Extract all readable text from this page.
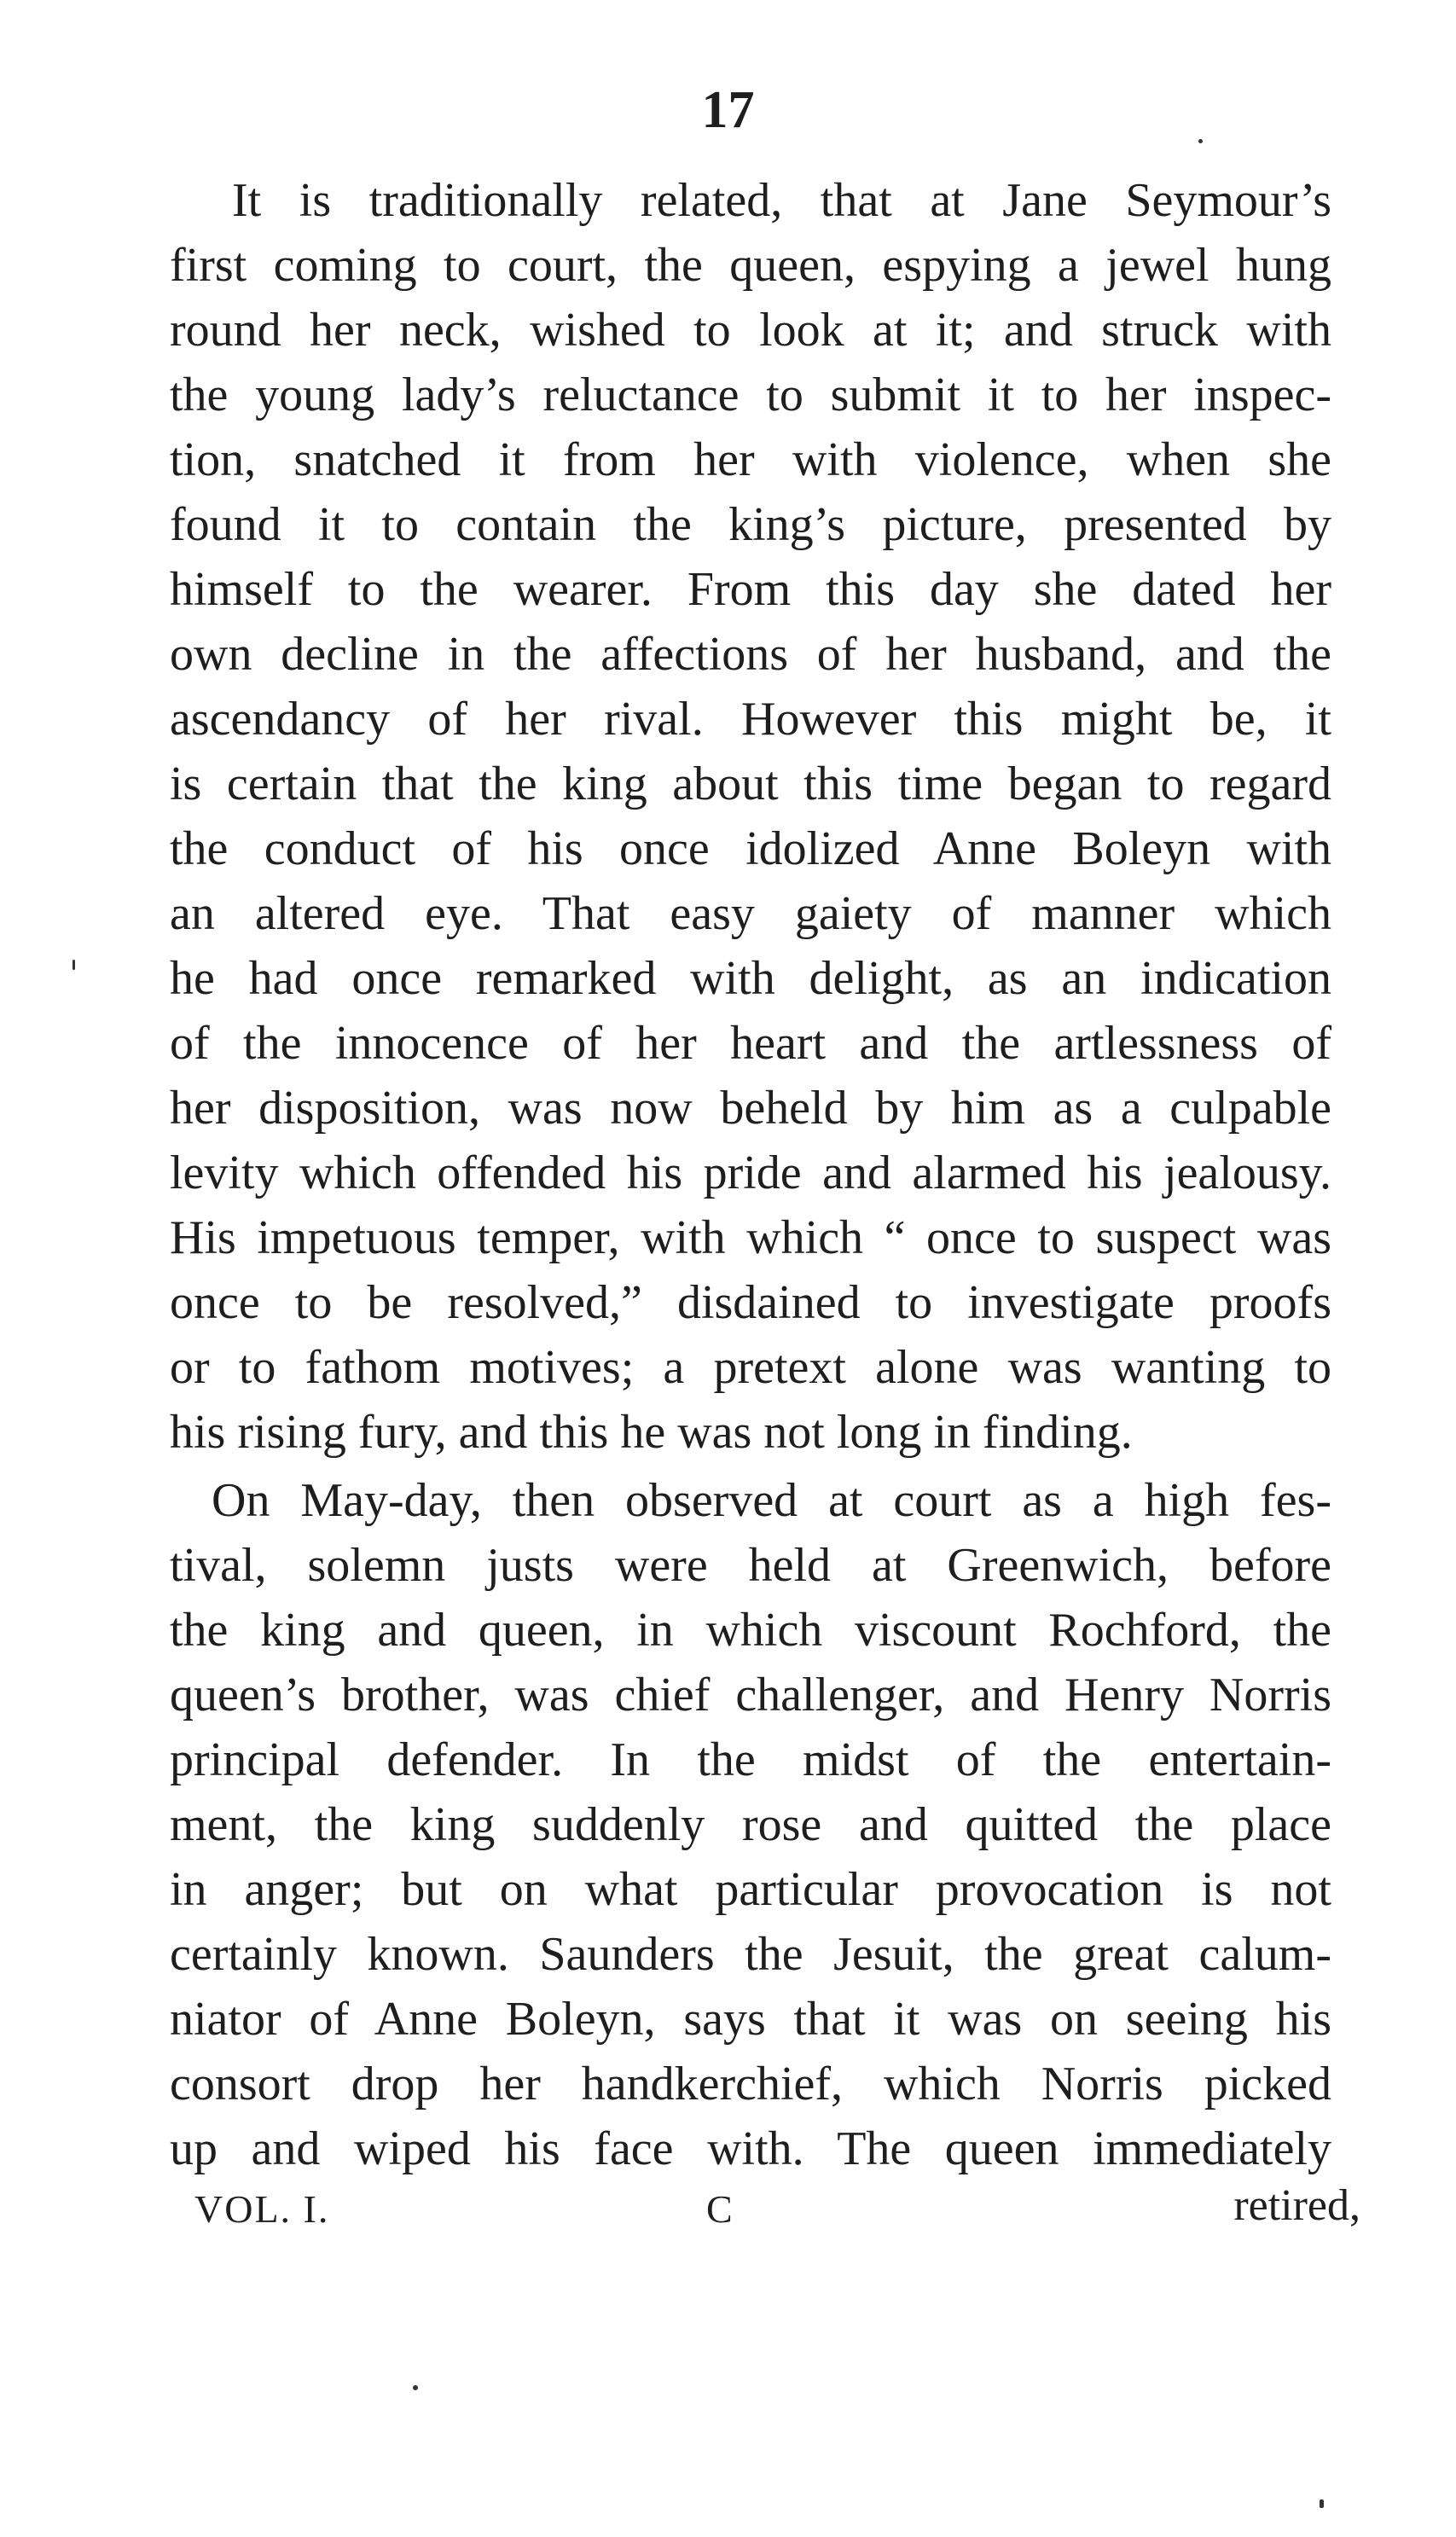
17
It is traditionally related, that at Jane Seymour’s
first coming to court, the queen, espying a jewel hung
round her neck, wished to look at it; and struck with
the young lady’s reluctance to submit it to her inspec-
tion, snatched it from her with violence, when she
found it to contain the king’s picture, presented by
himself to the wearer. From this day she dated her
own decline in the affections of her husband, and the
ascendancy of her rival. However this might be, it
is certain that the king about this time began to regard
the conduct of his once idolized Anne Boleyn with
an altered eye. That easy gaiety of manner which
he had once remarked with delight, as an indication
of the innocence of her heart and the artlessness of
her disposition, was now beheld by him as a culpable
levity which offended his pride and alarmed his jealousy.
His impetuous temper, with which “ once to suspect was
once to be resolved,” disdained to investigate proofs
or to fathom motives; a pretext alone was wanting to
his rising fury, and this he was not long in finding.
On May-day, then observed at court as a high fes-
tival, solemn justs were held at Greenwich, before
the king and queen, in which viscount Rochford, the
queen’s brother, was chief challenger, and Henry Norris
principal defender. In the midst of the entertain-
ment, the king suddenly rose and quitted the place
in anger; but on what particular provocation is not
certainly known. Saunders the Jesuit, the great calum-
niator of Anne Boleyn, says that it was on seeing his
consort drop her handkerchief, which Norris picked
up and wiped his face with. The queen immediately
VOL. I.	C	retired,
